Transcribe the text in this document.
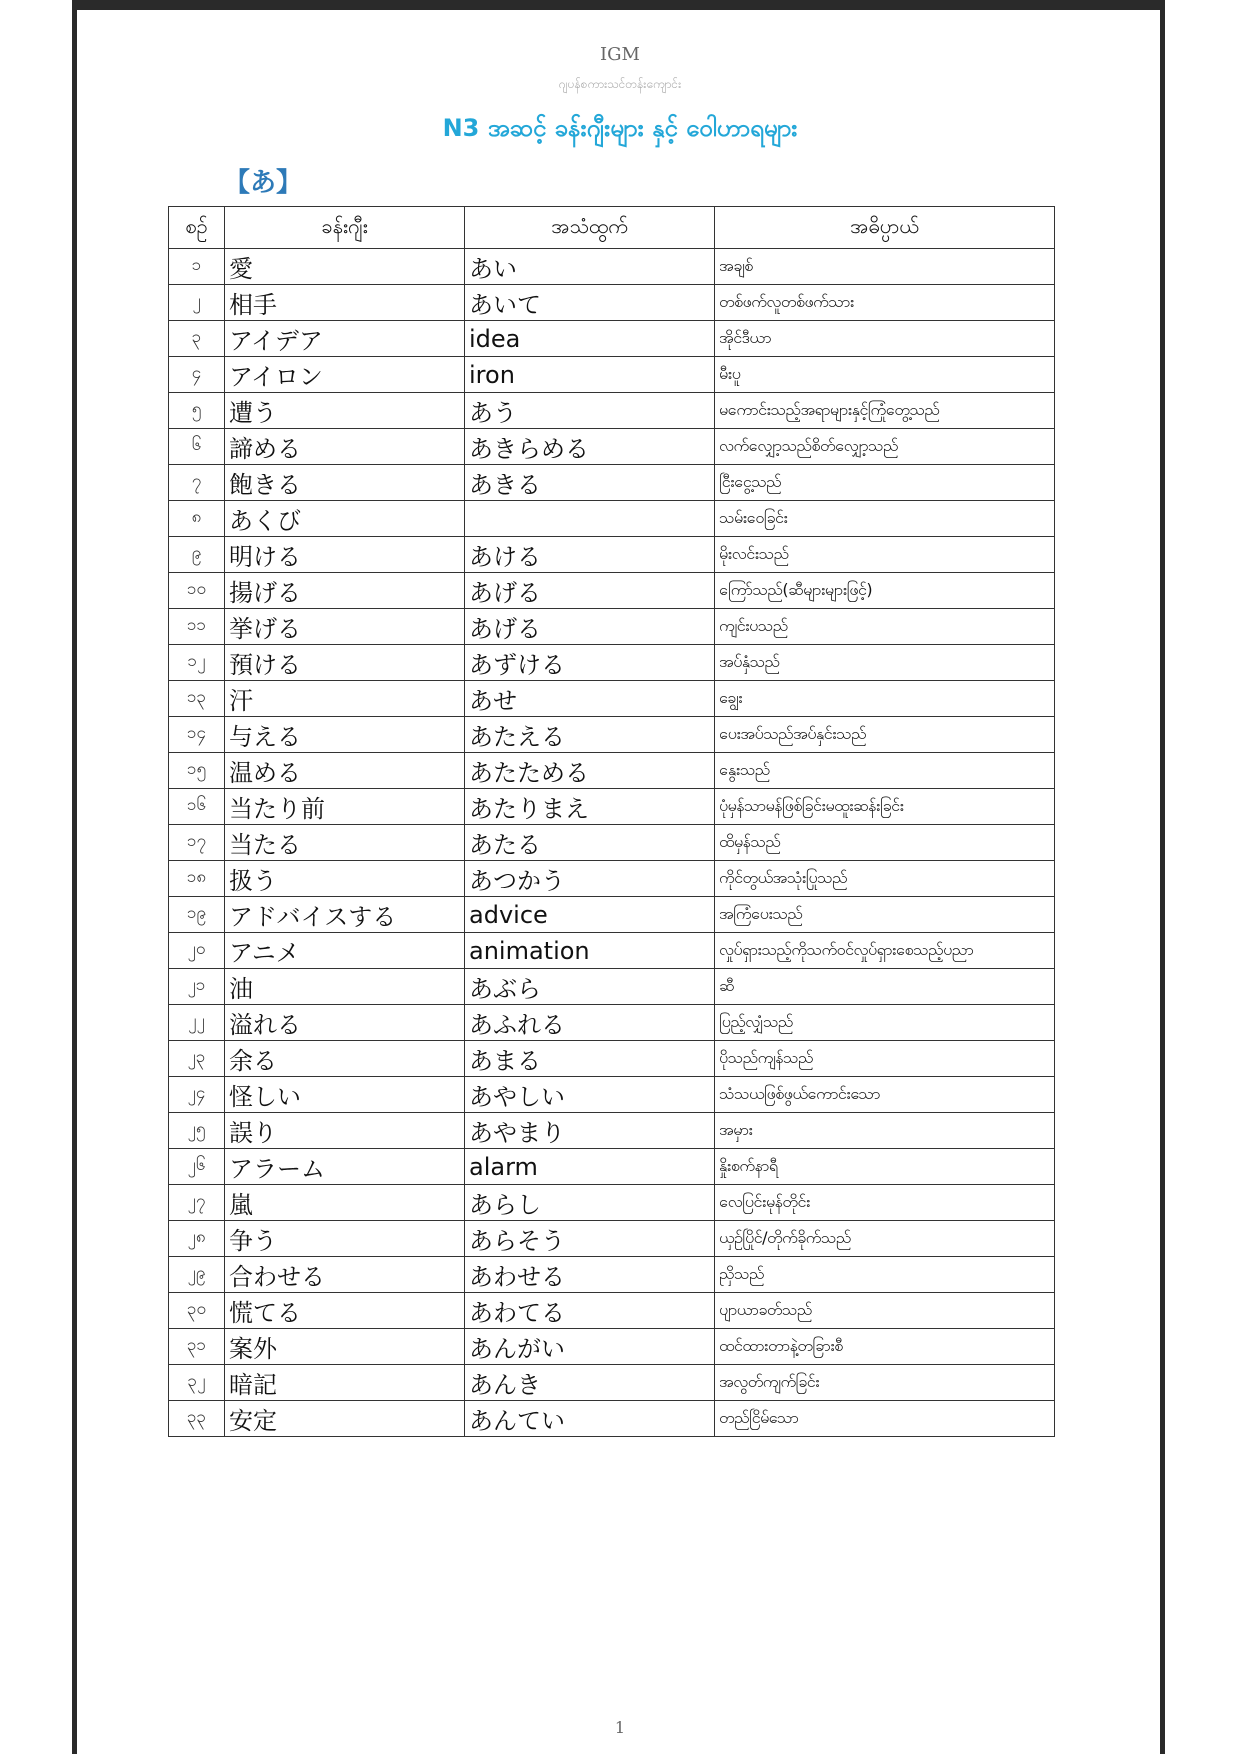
IGM
ဂျပန်စကားသင်တန်းကျောင်း
N3 အဆင့် ခန်းဂျီးများ နှင့် ဝေါဟာရများ
【あ】
စဉ်	ခန်းဂျီး	အသံထွက်	အဓိပ္ပာယ်
၁	愛	あい	အချစ်
၂	相手	あいて	တစ်ဖက်လူတစ်ဖက်သား
၃	アイデア	idea	အိုင်ဒီယာ
၄	アイロン	iron	မီးပူ
၅	遭う	あう	မကောင်းသည့်အရာများနှင့်ကြုံတွေ့သည်
၆	諦める	あきらめる	လက်လျှော့သည်စိတ်လျှော့သည်
၇	飽きる	あきる	ငြီးငွေ့သည်
၈	あくび		သမ်းဝေခြင်း
၉	明ける	あける	မိုးလင်းသည်
၁၀	揚げる	あげる	ကြော်သည်(ဆီများများဖြင့်)
၁၁	挙げる	あげる	ကျင်းပသည်
၁၂	預ける	あずける	အပ်နှံသည်
၁၃	汗	あせ	ချွေး
၁၄	与える	あたえる	ပေးအပ်သည်အပ်နှင်းသည်
၁၅	温める	あたためる	နွေးသည်
၁၆	当たり前	あたりまえ	ပုံမှန်သာမန်ဖြစ်ခြင်းမထူးဆန်းခြင်း
၁၇	当たる	あたる	ထိမှန်သည်
၁၈	扱う	あつかう	ကိုင်တွယ်အသုံးပြုသည်
၁၉	アドバイスする	advice	အကြံပေးသည်
၂၀	アニメ	animation	လှုပ်ရှားသည့်ကိုသက်ဝင်လှုပ်ရှားစေသည့်ပညာ
၂၁	油	あぶら	ဆီ
၂၂	溢れる	あふれる	ပြည့်လျှံသည်
၂၃	余る	あまる	ပိုသည်ကျန်သည်
၂၄	怪しい	あやしい	သံသယဖြစ်ဖွယ်ကောင်းသော
၂၅	誤り	あやまり	အမှား
၂၆	アラーム	alarm	နှိုးစက်နာရီ
၂၇	嵐	あらし	လေပြင်းမုန်တိုင်း
၂၈	争う	あらそう	ယှဉ်ပြိုင်/တိုက်ခိုက်သည်
၂၉	合わせる	あわせる	ညှိသည်
၃၀	慌てる	あわてる	ပျာယာခတ်သည်
၃၁	案外	あんがい	ထင်ထားတာနဲ့တခြားစီ
၃၂	暗記	あんき	အလွတ်ကျက်ခြင်း
၃၃	安定	あんてい	တည်ငြိမ်သော
1
